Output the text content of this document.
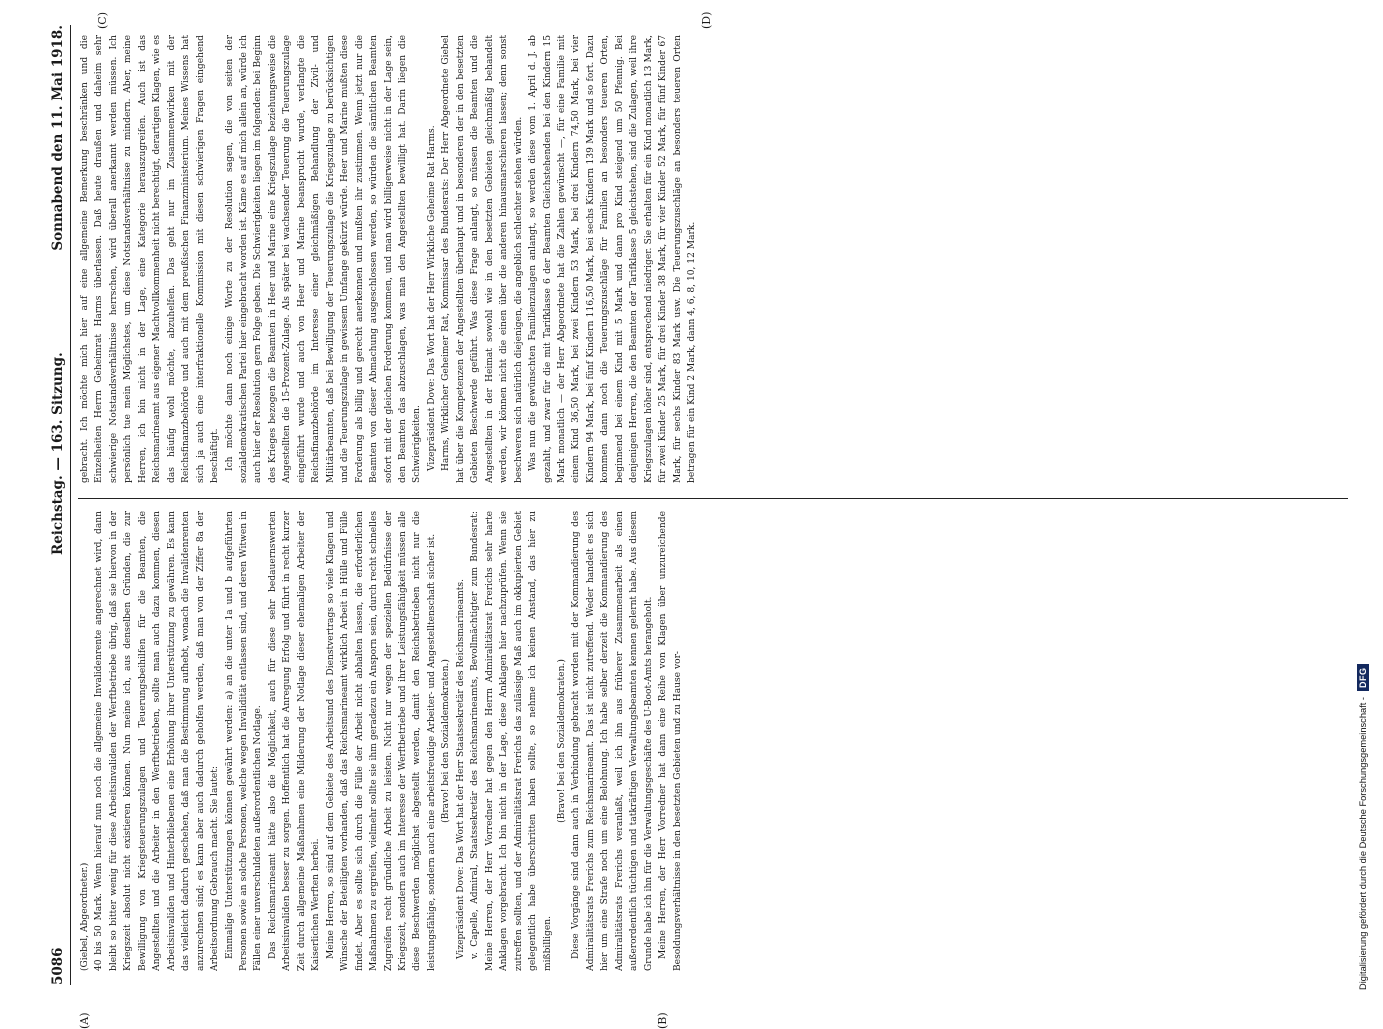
5086
Reichstag. — 163. Sitzung.
Sonnabend den 11. Mai 1918.
(A)	(B)
(C)	(D)

(Giebel, Abgeordneter.) 40 bis 50 Mark. Wenn hierauf nun noch die allgemeine Invalidenrente angerechnet wird, dann bleibt so bitter wenig für diese Arbeitsinvaliden der Werftbetriebe übrig, daß sie hiervon in der Kriegszeit absolut nicht existieren können. Nun meine ich, aus denselben Gründen, die zur Bewilligung von Kriegsteuerungszulagen und Teuerungsbeihilfen für die Beamten, die Angestellten und die Arbeiter in den Werftbetrieben, sollte man auch dazu kommen, diesen Arbeitsinvaliden und Hinterbliebenen eine Erhöhung ihrer Unterstützung zu gewähren. Es kann das vielleicht dadurch geschehen, daß man die Bestimmung aufhebt, wonach die Invalidenrenten anzurechnen sind; es kann aber auch dadurch geholfen werden, daß man von der Ziffer 8a der Arbeitsordnung Gebrauch macht. Sie lautet: Einmalige Unterstützungen können gewährt werden: a) an die unter 1a und b aufgeführten Personen sowie an solche Personen, welche wegen Invalidität entlassen sind, und deren Witwen in Fällen einer unverschuldeten außerordentlichen Notlage. Das Reichsmarineamt hätte also die Möglichkeit, auch für diese sehr bedauernswerten Arbeitsinvaliden besser zu sorgen. Hoffentlich hat die Anregung Erfolg und führt in recht kurzer Zeit durch allgemeine Maßnahmen eine Milderung der Notlage dieser ehemaligen Arbeiter der Kaiserlichen Werften herbei. Meine Herren, so sind auf dem Gebiete des Arbeitsund des Dienstvertrags so viele Klagen und Wünsche der Beteiligten vorhanden, daß das Reichsmarineamt wirklich Arbeit in Hülle und Fülle findet. Aber es sollte sich durch die Fülle der Arbeit nicht abhalten lassen, die erforderlichen Maßnahmen zu ergreifen, vielmehr sollte sie ihm geradezu ein Ansporn sein, durch recht schnelles Zugreifen recht gründliche Arbeit zu leisten. Nicht nur wegen der speziellen Bedürfnisse der Kriegszeit, sondern auch im Interesse der Werftbetriebe und ihrer Leistungsfähigkeit müssen alle diese Beschwerden möglichst abgestellt werden, damit den Reichsbetrieben nicht nur die leistungsfähige, sondern auch eine arbeitsfreudige Arbeiter- und Angestelltenschaft sicher ist. (Bravo! bei den Sozialdemokraten.) Vizepräsident Dove: Das Wort hat der Herr Staatssekretär des Reichsmarineamts. v. Capelle, Admiral, Staatssekretär des Reichsmarineamts, Bevollmächtigter zum Bundesrat: Meine Herren, der Herr Vorredner hat gegen den Herrn Admiralitätsrat Frerichs sehr harte Anklagen vorgebracht. Ich bin nicht in der Lage, diese Anklagen hier nachzuprüfen. Wenn sie zutreffen sollten, und der Admiralitätsrat Frerichs das zulässige Maß auch im okkupierten Gebiet gelegentlich habe überschritten haben sollte, so nehme ich keinen Anstand, das hier zu mißbilligen.

(Bravo! bei den Sozialdemokraten.) Diese Vorgänge sind dann auch in Verbindung gebracht worden mit der Kommandierung des Admiralitätsrats Frerichs zum Reichsmarineamt. Das ist nicht zutreffend. Weder handelt es sich hier um eine Strafe noch um eine Belohnung. Ich habe selber derzeit die Kommandierung des Admiralitätsrats Frerichs veranlaßt, weil ich ihn aus früherer Zusammenarbeit als einen außerordentlich tüchtigen und tatkräftigen Verwaltungsbeamten kennen gelernt habe. Aus diesem Grunde habe ich ihn für die Verwaltungsgeschäfte des U-Boot-Amts herangeholt. Meine Herren, der Herr Vorredner hat dann eine Reihe von Klagen über unzureichende Besoldungsverhältnisse in den besetzten Gebieten und zu Hause vor-

gebracht. Ich möchte mich hier auf eine allgemeine Bemerkung beschränken und die Einzelheiten Herrn Geheimrat Harms überlassen. Daß heute draußen und daheim sehr schwierige Notstandsverhältnisse herrschen, wird überall anerkannt werden müssen. Ich persönlich tue mein Möglichstes, um diese Notstandsverhältnisse zu mindern. Aber, meine Herren, ich bin nicht in der Lage, eine Kategorie herauszugreifen. Auch ist das Reichsmarineamt aus eigener Machtvollkommenheit nicht berechtigt, derartigen Klagen, wie es das häufig wohl möchte, abzuhelfen. Das geht nur im Zusammenwirken mit der Reichsfinanzbehörde und auch mit dem preußischen Finanzministerium. Meines Wissens hat sich ja auch eine interfraktionelle Kommission mit diesen schwierigen Fragen eingehend beschäftigt. Ich möchte dann noch einige Worte zu der Resolution sagen, die von seiten der sozialdemokratischen Partei hier eingebracht worden ist. Käme es auf mich allein an, würde ich auch hier der Resolution gern Folge geben. Die Schwierigkeiten liegen im folgenden: bei Beginn des Krieges bezogen die Beamten in Heer und Marine eine Kriegszulage beziehungsweise die Angestellten die 15-Prozent-Zulage. Als später bei wachsender Teuerung die Teuerungszulage eingeführt wurde und auch von Heer und Marine beansprucht wurde, verlangte die Reichsfinanzbehörde im Interesse einer gleichmäßigen Behandlung der Zivil- und Militärbeamten, daß bei Bewilligung der Teuerungszulage die Kriegszulage zu berücksichtigen und die Teuerungszulage in gewissem Umfange gekürzt würde. Heer und Marine mußten diese Forderung als billig und gerecht anerkennen und mußten ihr zustimmen. Wenn jetzt nur die Beamten von dieser Abmachung ausgeschlossen werden, so würden die sämtlichen Beamten sofort mit der gleichen Forderung kommen, und man wird billigerweise nicht in der Lage sein, den Beamten das abzuschlagen, was man den Angestellten bewilligt hat. Darin liegen die Schwierigkeiten. Vizepräsident Dove: Das Wort hat der Herr Wirkliche Geheime Rat Harms. Harms, Wirklicher Geheimer Rat, Kommissar des Bundesrats: Der Herr Abgeordnete Giebel hat über die Kompetenzen der Angestellten überhaupt und in besonderen der in den besetzten Gebieten Beschwerde geführt. Was diese Frage anlangt, so müssen die Beamten und die Angestellten in der Heimat sowohl wie in den besetzten Gebieten gleichmäßig behandelt werden, wir können nicht die einen über die anderen hinausmarschieren lassen; denn sonst beschweren sich natürlich diejenigen, die angeblich schlechter stehen würden. Was nun die gewünschten Familienzulagen anlangt, so werden diese vom 1. April d. J. ab gezahlt, und zwar für die mit Tarifklasse 6 der Beamten Gleichstehenden bei den Kindern 15 Mark monatlich — der Herr Abgeordnete hat die Zahlen gewünscht —, für eine Familie mit einem Kind 36,50 Mark, bei zwei Kindern 53 Mark, bei drei Kindern 74,50 Mark, bei vier Kindern 94 Mark, bei fünf Kindern 116,50 Mark, bei sechs Kindern 139 Mark und so fort. Dazu kommen dann noch die Teuerungszuschläge für Familien an besonders teueren Orten, beginnend bei einem Kind mit 5 Mark und dann pro Kind steigend um 50 Pfennig. Bei denjenigen Herren, die den Beamten der Tarifklasse 5 gleichstehen, sind die Zulagen, weil ihre Kriegszulagen höher sind, entsprechend niedriger. Sie erhalten für ein Kind monatlich 13 Mark, für zwei Kinder 25 Mark, für drei Kinder 38 Mark, für vier Kinder 52 Mark, für fünf Kinder 67 Mark, für sechs Kinder 83 Mark usw. Die Teuerungszuschläge an besonders teueren Orten betragen für ein Kind 2 Mark, dann 4, 6, 8, 10, 12 Mark.

Digitalisierung gefördert durch die Deutsche Forschungsgemeinschaft -
DFG
